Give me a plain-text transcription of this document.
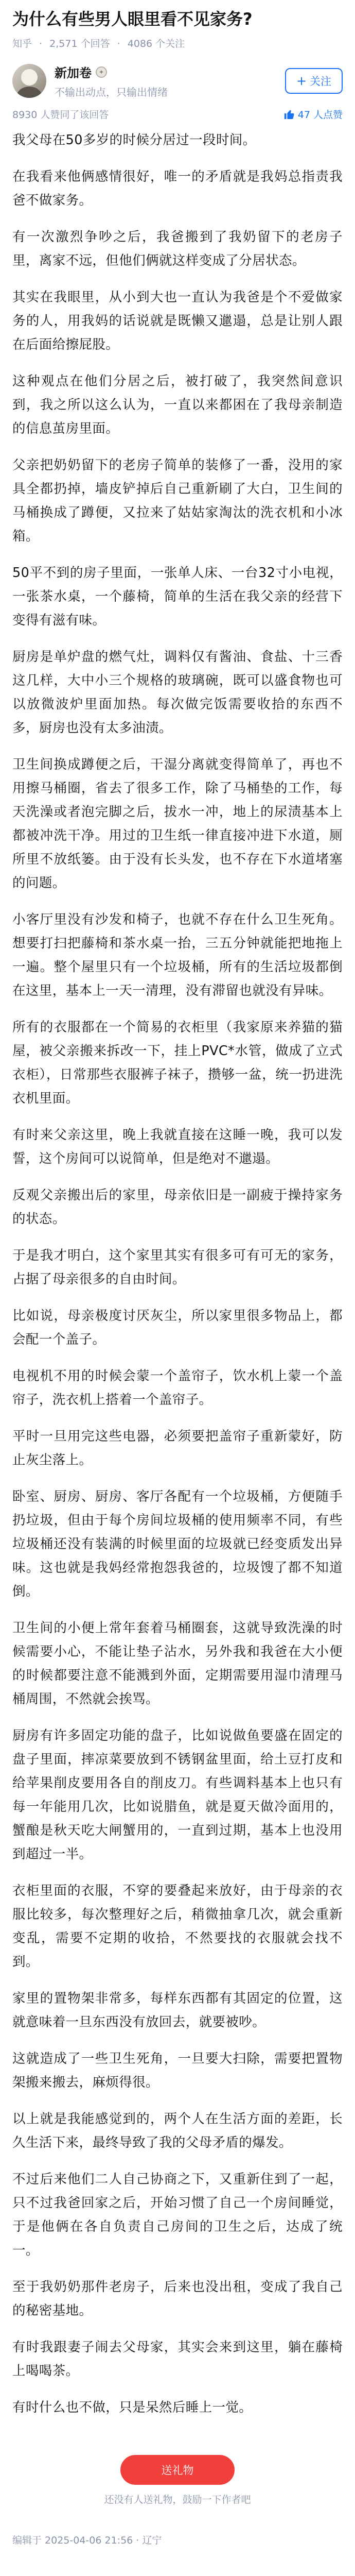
为什么有些男人眼里看不见家务?
知乎 · 2,571 个回答 · 4086 个关注
新加卷	✦
不输出动点，只输出情绪
+ 关注
8930 人赞同了该回答	47 人点赞

我父母在50多岁的时候分居过一段时间。

在我看来他俩感情很好，唯一的矛盾就是我妈总指责我爸不做家务。

有一次激烈争吵之后，我爸搬到了我奶留下的老房子里，离家不远，但他们俩就这样变成了分居状态。

其实在我眼里，从小到大也一直认为我爸是个不爱做家务的人，用我妈的话说就是既懒又邋遢，总是让别人跟在后面给擦屁股。

这种观点在他们分居之后，被打破了，我突然间意识到，我之所以这么认为，一直以来都困在了我母亲制造的信息茧房里面。

父亲把奶奶留下的老房子简单的装修了一番，没用的家具全都扔掉，墙皮铲掉后自己重新刷了大白，卫生间的马桶换成了蹲便，又拉来了姑姑家淘汰的洗衣机和小冰箱。

50平不到的房子里面，一张单人床、一台32寸小电视，一张茶水桌，一个藤椅，简单的生活在我父亲的经营下变得有滋有味。

厨房是单炉盘的燃气灶，调料仅有酱油、食盐、十三香这几样，大中小三个规格的玻璃碗，既可以盛食物也可以放微波炉里面加热。每次做完饭需要收拾的东西不多，厨房也没有太多油渍。

卫生间换成蹲便之后，干湿分离就变得简单了，再也不用擦马桶圈，省去了很多工作，除了马桶垫的工作，每天洗澡或者泡完脚之后，拔水一冲，地上的尿渍基本上都被冲洗干净。用过的卫生纸一律直接冲进下水道，厕所里不放纸篓。由于没有长头发，也不存在下水道堵塞的问题。

小客厅里没有沙发和椅子，也就不存在什么卫生死角。想要打扫把藤椅和茶水桌一抬，三五分钟就能把地拖上一遍。整个屋里只有一个垃圾桶，所有的生活垃圾都倒在这里，基本上一天一清理，没有滞留也就没有异味。

所有的衣服都在一个简易的衣柜里（我家原来养猫的猫屋，被父亲搬来拆改一下，挂上PVC*水管，做成了立式衣柜），日常那些衣服裤子袜子，攒够一盆，统一扔进洗衣机里面。

有时来父亲这里，晚上我就直接在这睡一晚，我可以发誓，这个房间可以说简单，但是绝对不邋遢。

反观父亲搬出后的家里，母亲依旧是一副疲于操持家务的状态。

于是我才明白，这个家里其实有很多可有可无的家务，占据了母亲很多的自由时间。

比如说，母亲极度讨厌灰尘，所以家里很多物品上，都会配一个盖子。

电视机不用的时候会蒙一个盖帘子，饮水机上蒙一个盖帘子，洗衣机上搭着一个盖帘子。

平时一旦用完这些电器，必须要把盖帘子重新蒙好，防止灰尘落上。

卧室、厨房、厨房、客厅各配有一个垃圾桶，方便随手扔垃圾，但由于每个房间垃圾桶的使用频率不同，有些垃圾桶还没有装满的时候里面的垃圾就已经变质发出异味。这也就是我妈经常抱怨我爸的，垃圾馊了都不知道倒。

卫生间的小便上常年套着马桶圈套，这就导致洗澡的时候需要小心，不能让垫子沾水，另外我和我爸在大小便的时候都要注意不能溅到外面，定期需要用湿巾清理马桶周围，不然就会挨骂。

厨房有许多固定功能的盘子，比如说做鱼要盛在固定的盘子里面，摔凉菜要放到不锈钢盆里面，给土豆打皮和给苹果削皮要用各自的削皮刀。有些调料基本上也只有每一年能用几次，比如说腊鱼，就是夏天做冷面用的，蟹酿是秋天吃大闸蟹用的，一直到过期，基本上也没用到超过一半。

衣柜里面的衣服，不穿的要叠起来放好，由于母亲的衣服比较多，每次整理好之后，稍微抽拿几次，就会重新变乱，需要不定期的收拾，不然要找的衣服就会找不到。

家里的置物架非常多，每样东西都有其固定的位置，这就意味着一旦东西没有放回去，就要被吵。

这就造成了一些卫生死角，一旦要大扫除，需要把置物架搬来搬去，麻烦得很。

以上就是我能感觉到的，两个人在生活方面的差距，长久生活下来，最终导致了我的父母矛盾的爆发。

不过后来他们二人自己协商之下，又重新住到了一起，只不过我爸回家之后，开始习惯了自己一个房间睡觉，于是他俩在各自负责自己房间的卫生之后，达成了统一。

至于我奶奶那件老房子，后来也没出租，变成了我自己的秘密基地。

有时我跟妻子闹去父母家，其实会来到这里，躺在藤椅上喝喝茶。

有时什么也不做，只是呆然后睡上一觉。

送礼物
还没有人送礼物，鼓励一下作者吧
编辑于 2025-04-06 21:56 · 辽宁
